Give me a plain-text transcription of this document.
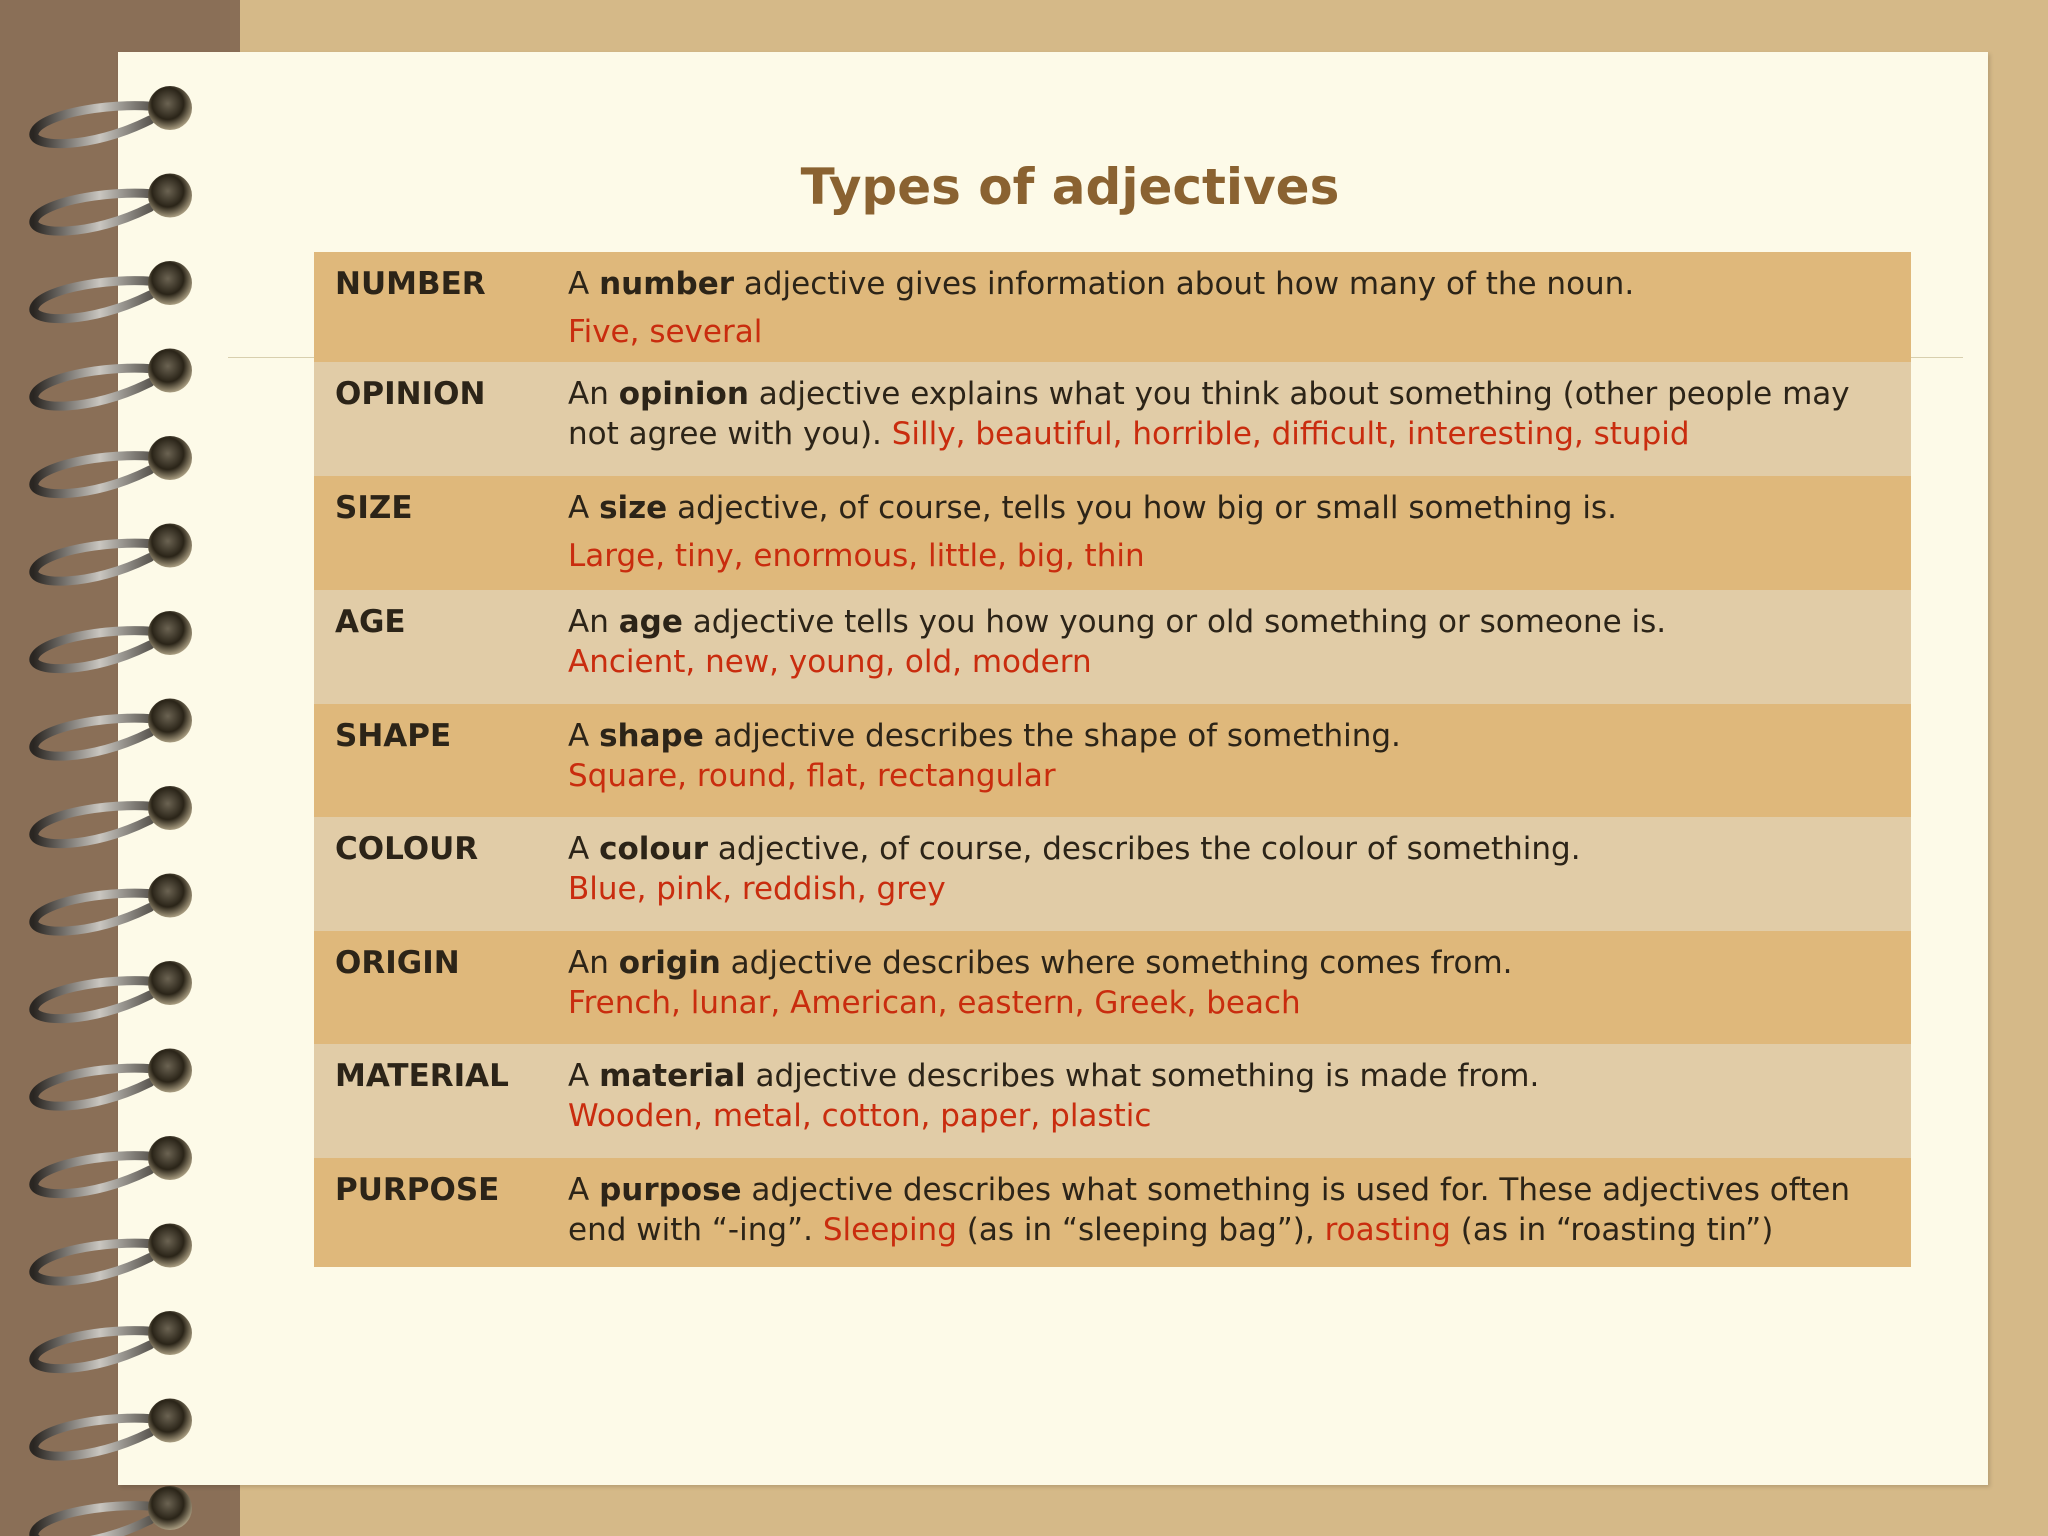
Types of adjectives
NUMBER	A number adjective gives information about how many of the noun.
Five, several
OPINION	An opinion adjective explains what you think about something (other people may not agree with you). Silly, beautiful, horrible, difficult, interesting, stupid
SIZE	A size adjective, of course, tells you how big or small something is.
Large, tiny, enormous, little, big, thin
AGE	An age adjective tells you how young or old something or someone is.
Ancient, new, young, old, modern
SHAPE	A shape adjective describes the shape of something.
Square, round, flat, rectangular
COLOUR	A colour adjective, of course, describes the colour of something.
Blue, pink, reddish, grey
ORIGIN	An origin adjective describes where something comes from.
French, lunar, American, eastern, Greek, beach
MATERIAL	A material adjective describes what something is made from.
Wooden, metal, cotton, paper, plastic
PURPOSE	A purpose adjective describes what something is used for. These adjectives often end with “-ing”. Sleeping (as in “sleeping bag”), roasting (as in “roasting tin”)
